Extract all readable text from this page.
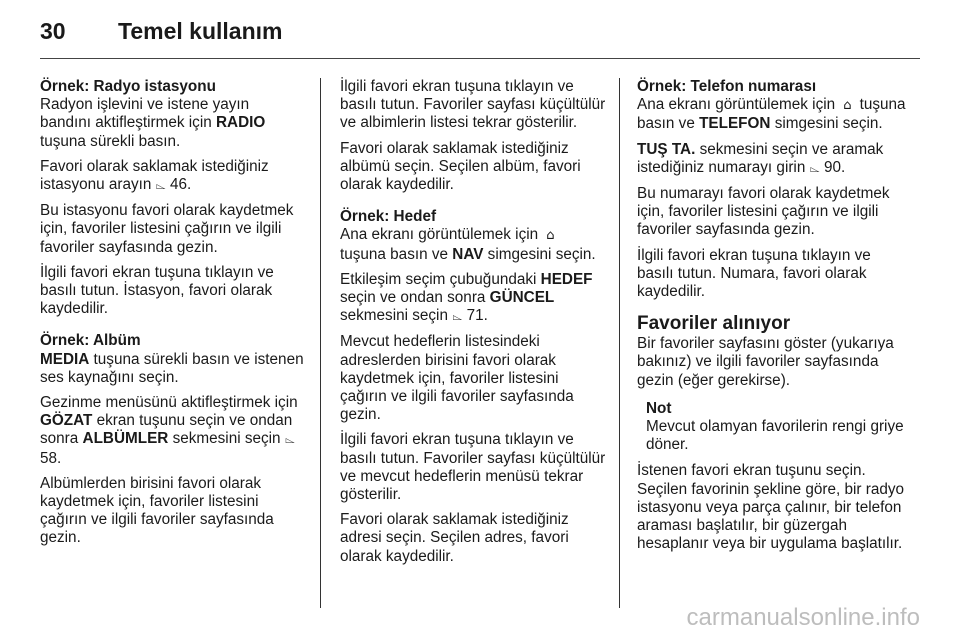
30	Temel kullanım
Örnek: Radyo istasyonu

Radyon işlevini ve istene yayın bandını aktifleştirmek için RADIO tuşuna sürekli basın.

Favori olarak saklamak istediğiniz istasyonu arayın ⌳ 46.

Bu istasyonu favori olarak kaydetmek için, favoriler listesini çağırın ve ilgili favoriler sayfasında gezin.

İlgili favori ekran tuşuna tıklayın ve basılı tutun. İstasyon, favori olarak kaydedilir.

Örnek: Albüm

MEDIA tuşuna sürekli basın ve istenen ses kaynağını seçin.

Gezinme menüsünü aktifleştirmek için GÖZAT ekran tuşunu seçin ve ondan sonra ALBÜMLER sekmesini seçin ⌳ 58.

Albümlerden birisini favori olarak kaydetmek için, favoriler listesini çağırın ve ilgili favoriler sayfasında gezin.

İlgili favori ekran tuşuna tıklayın ve basılı tutun. Favoriler sayfası küçültülür ve albimlerin listesi tekrar gösterilir.

Favori olarak saklamak istediğiniz albümü seçin. Seçilen albüm, favori olarak kaydedilir.

Örnek: Hedef

Ana ekranı görüntülemek için ⌂ tuşuna basın ve NAV simgesini seçin.

Etkileşim seçim çubuğundaki HEDEF seçin ve ondan sonra GÜNCEL sekmesini seçin ⌳ 71.

Mevcut hedeflerin listesindeki adreslerden birisini favori olarak kaydetmek için, favoriler listesini çağırın ve ilgili favoriler sayfasında gezin.

İlgili favori ekran tuşuna tıklayın ve basılı tutun. Favoriler sayfası küçültülür ve mevcut hedeflerin menüsü tekrar gösterilir.

Favori olarak saklamak istediğiniz adresi seçin. Seçilen adres, favori olarak kaydedilir.

Örnek: Telefon numarası

Ana ekranı görüntülemek için ⌂ tuşuna basın ve TELEFON simgesini seçin.

TUŞ TA. sekmesini seçin ve aramak istediğiniz numarayı girin ⌳ 90.

Bu numarayı favori olarak kaydetmek için, favoriler listesini çağırın ve ilgili favoriler sayfasında gezin.

İlgili favori ekran tuşuna tıklayın ve basılı tutun. Numara, favori olarak kaydedilir.

Favoriler alınıyor

Bir favoriler sayfasını göster (yukarıya bakınız) ve ilgili favoriler sayfasında gezin (eğer gerekirse).

Not
Mevcut olamyan favorilerin rengi griye döner.

İstenen favori ekran tuşunu seçin. Seçilen favorinin şekline göre, bir radyo istasyonu veya parça çalınır, bir telefon araması başlatılır, bir güzergah hesaplanır veya bir uygulama başlatılır.

carmanualsonline.info
